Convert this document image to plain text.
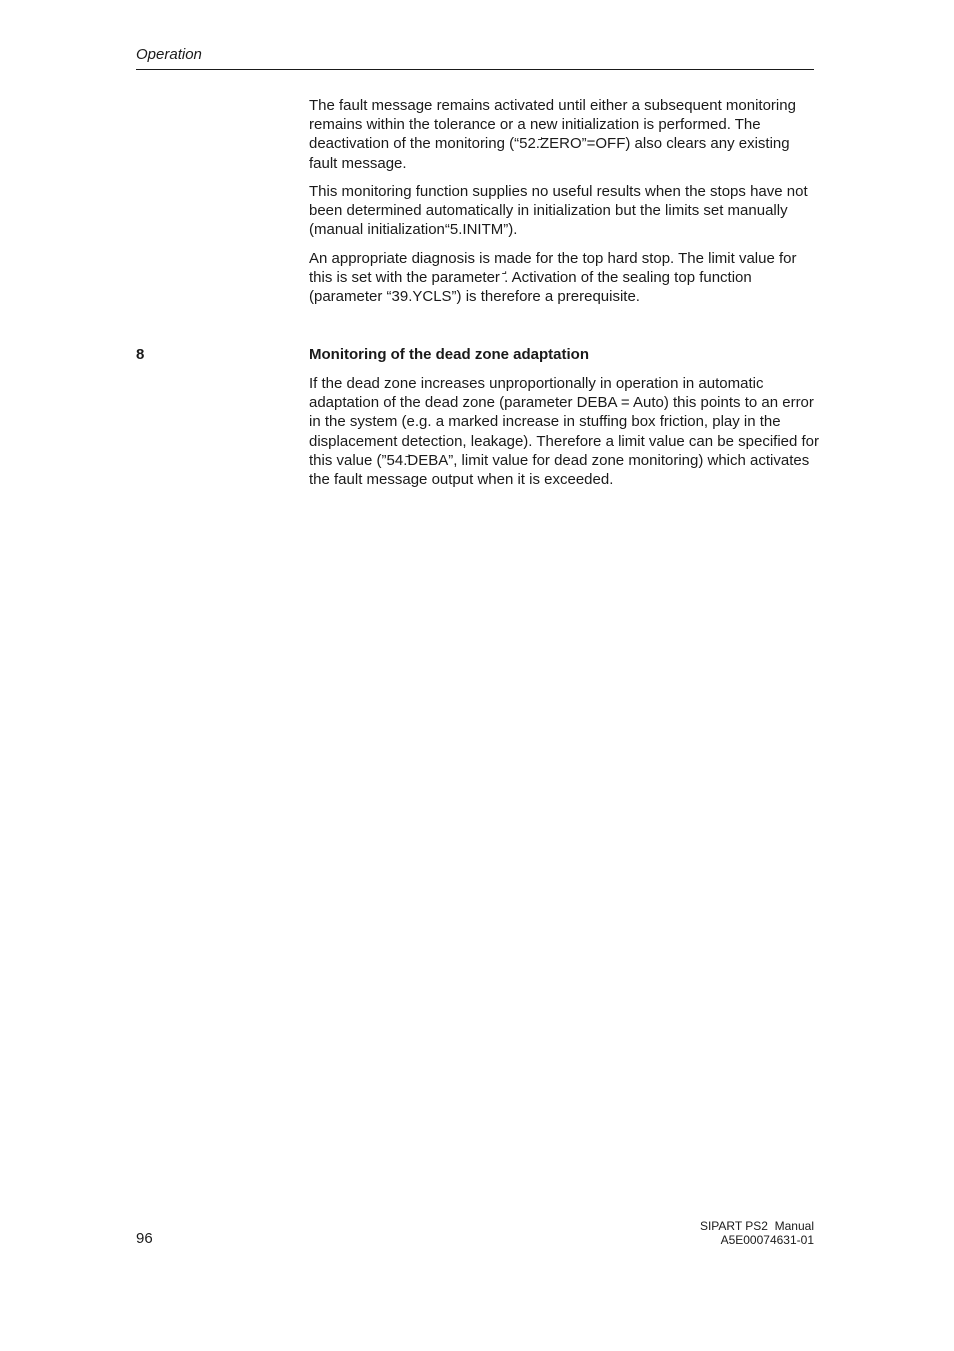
Operation

The fault message remains activated until either a subsequent monitoring remains within the tolerance or a new initialization is performed. The deactivation of the monitoring (“52.ꜚZERO”=OFF) also clears any existing fault message.

This monitoring function supplies no useful results when the stops have not been determined automatically in initialization but the limits set manually (manual initialization“5.INITM”).

An appropriate diagnosis is made for the top hard stop. The limit value for this is set with the parameter ꜚ. Activation of the sealing top function (parameter “39.YCLS”) is therefore a prerequisite.

8	Monitoring of the dead zone adaptation

If the dead zone increases unproportionally in operation in automatic adaptation of the dead zone (parameter DEBA = Auto) this points to an error in the system (e.g. a marked increase in stuffing box friction, play in the displacement detection, leakage). Therefore a limit value can be specified for this value (”54.ꜚDEBA”, limit value for dead zone monitoring) which activates the fault message output when it is exceeded.

96
SIPART PS2  Manual
A5E00074631-01
